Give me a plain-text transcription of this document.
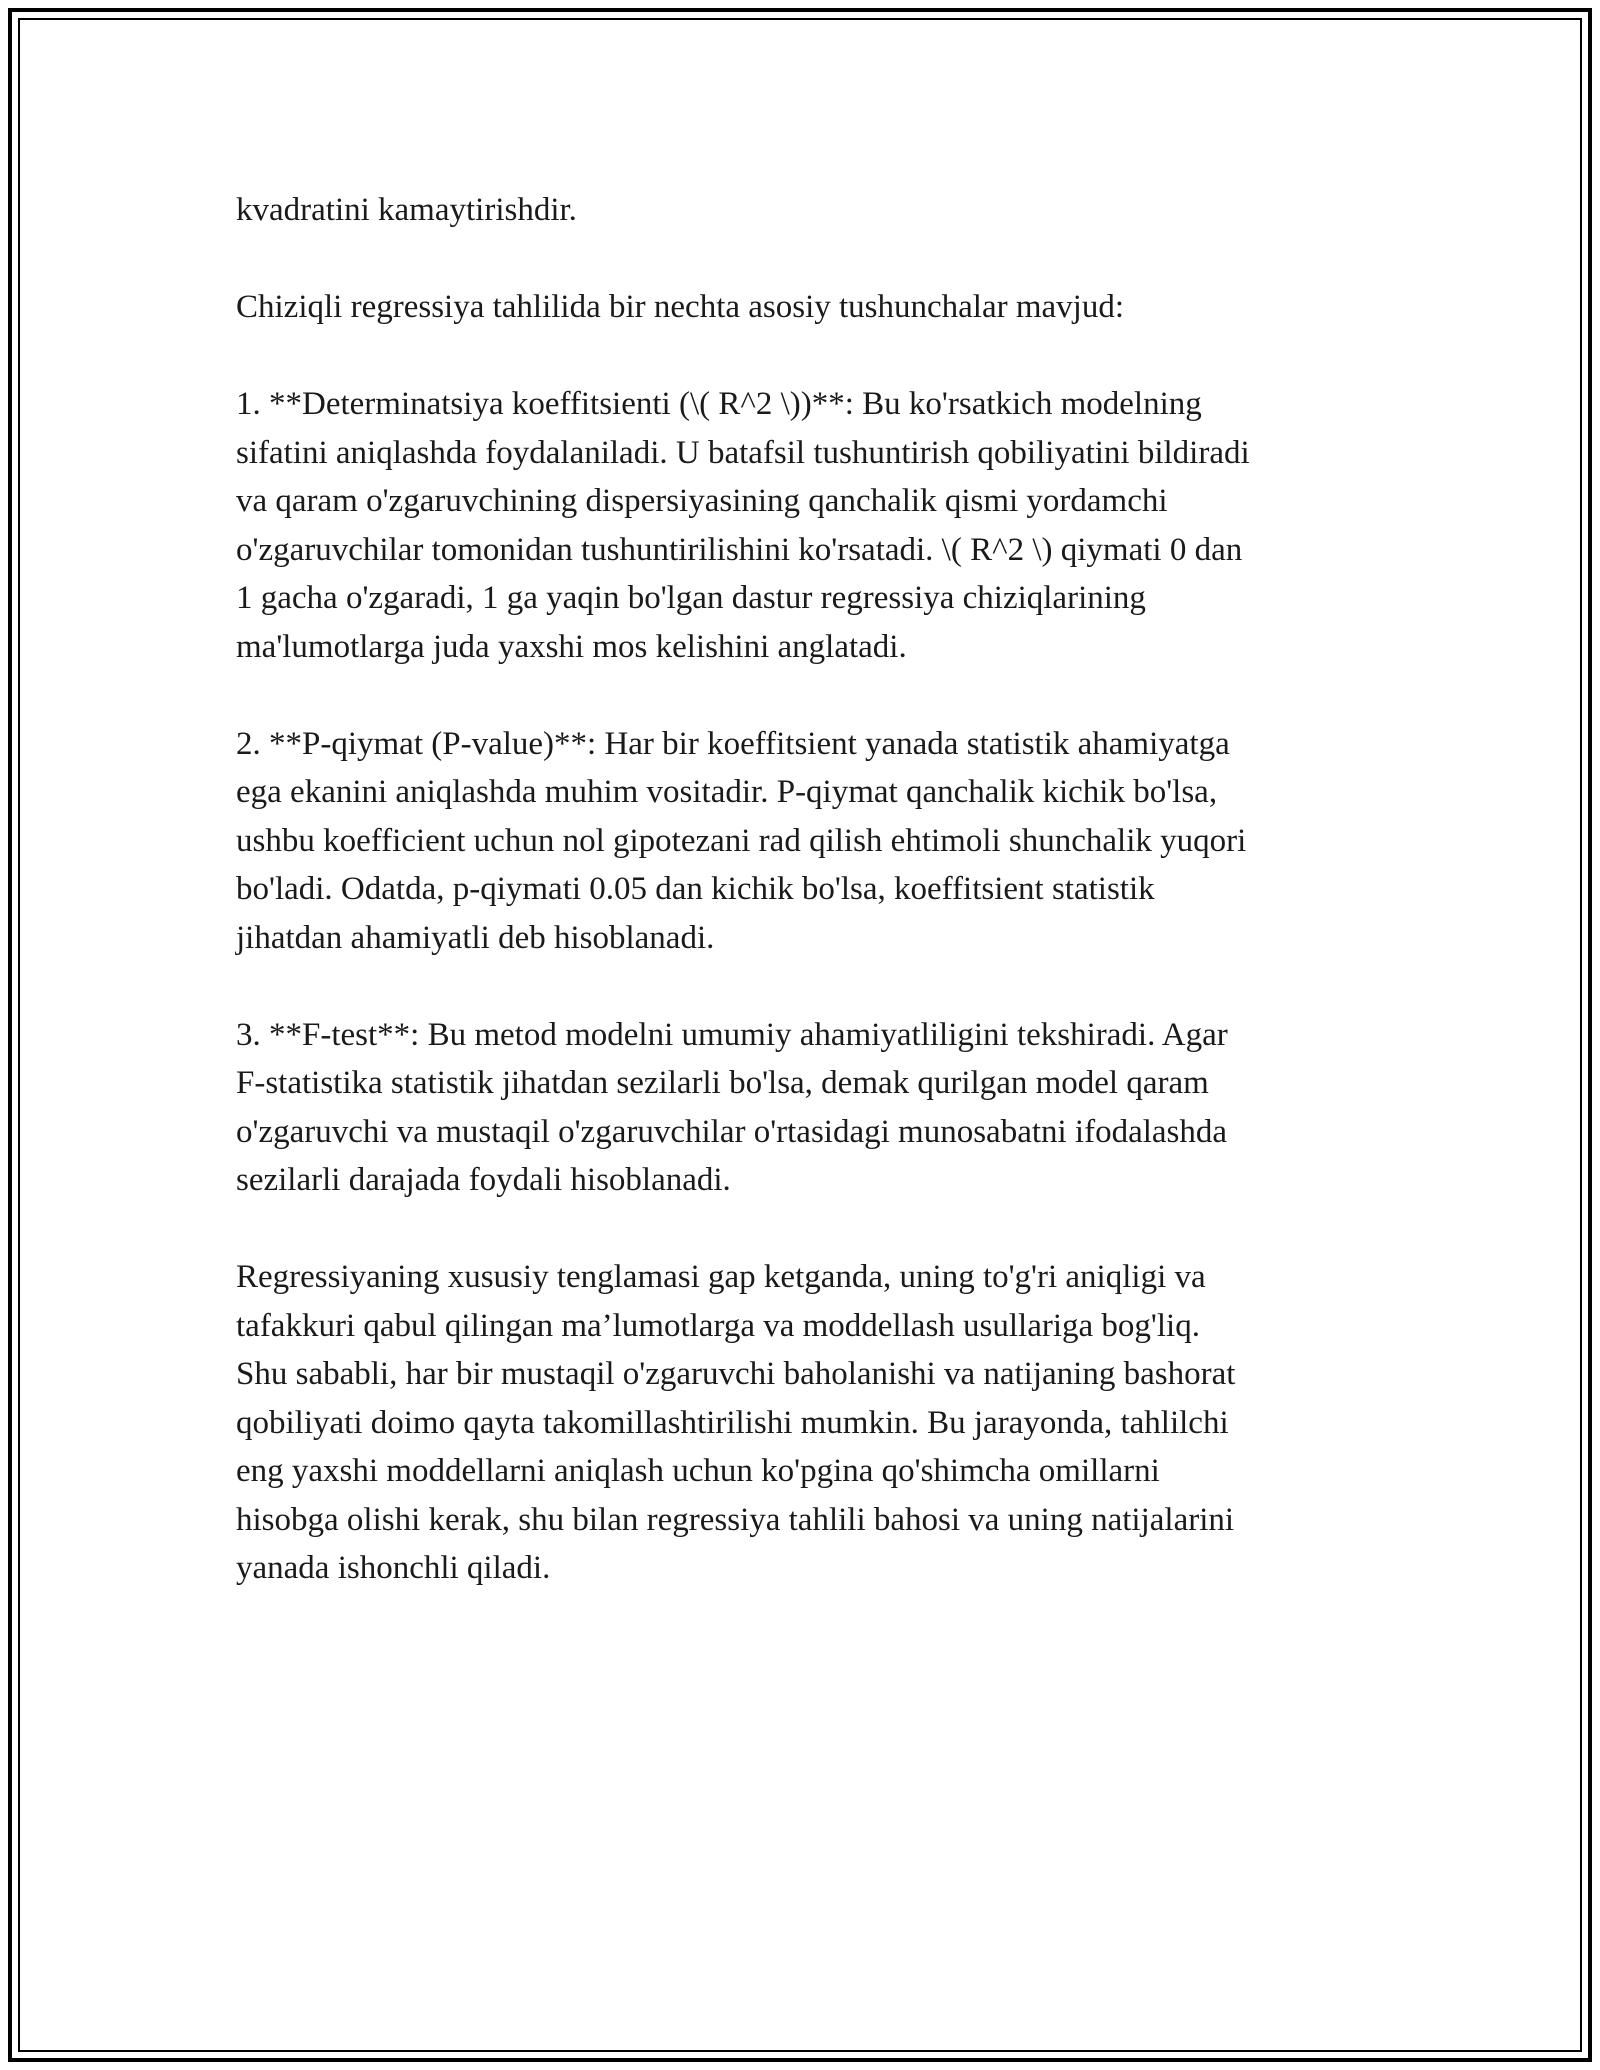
kvadratini kamaytirishdir.

Chiziqli regressiya tahlilida bir nechta asosiy tushunchalar mavjud:

1. **Determinatsiya koeffitsienti (\( R^2 \))**: Bu ko'rsatkich modelning
sifatini aniqlashda foydalaniladi. U batafsil tushuntirish qobiliyatini bildiradi
va qaram o'zgaruvchining dispersiyasining qanchalik qismi yordamchi
o'zgaruvchilar tomonidan tushuntirilishini ko'rsatadi. \( R^2 \) qiymati 0 dan
1 gacha o'zgaradi, 1 ga yaqin bo'lgan dastur regressiya chiziqlarining
ma'lumotlarga juda yaxshi mos kelishini anglatadi.

2. **P-qiymat (P-value)**: Har bir koeffitsient yanada statistik ahamiyatga
ega ekanini aniqlashda muhim vositadir. P-qiymat qanchalik kichik bo'lsa,
ushbu koefficient uchun nol gipotezani rad qilish ehtimoli shunchalik yuqori
bo'ladi. Odatda, p-qiymati 0.05 dan kichik bo'lsa, koeffitsient statistik
jihatdan ahamiyatli deb hisoblanadi.

3. **F-test**: Bu metod modelni umumiy ahamiyatliligini tekshiradi. Agar
F-statistika statistik jihatdan sezilarli bo'lsa, demak qurilgan model qaram
o'zgaruvchi va mustaqil o'zgaruvchilar o'rtasidagi munosabatni ifodalashda
sezilarli darajada foydali hisoblanadi.

Regressiyaning xususiy tenglamasi gap ketganda, uning to'g'ri aniqligi va
tafakkuri qabul qilingan ma’lumotlarga va moddellash usullariga bog'liq.
Shu sababli, har bir mustaqil o'zgaruvchi baholanishi va natijaning bashorat
qobiliyati doimo qayta takomillashtirilishi mumkin. Bu jarayonda, tahlilchi
eng yaxshi moddellarni aniqlash uchun ko'pgina qo'shimcha omillarni
hisobga olishi kerak, shu bilan regressiya tahlili bahosi va uning natijalarini
yanada ishonchli qiladi.
